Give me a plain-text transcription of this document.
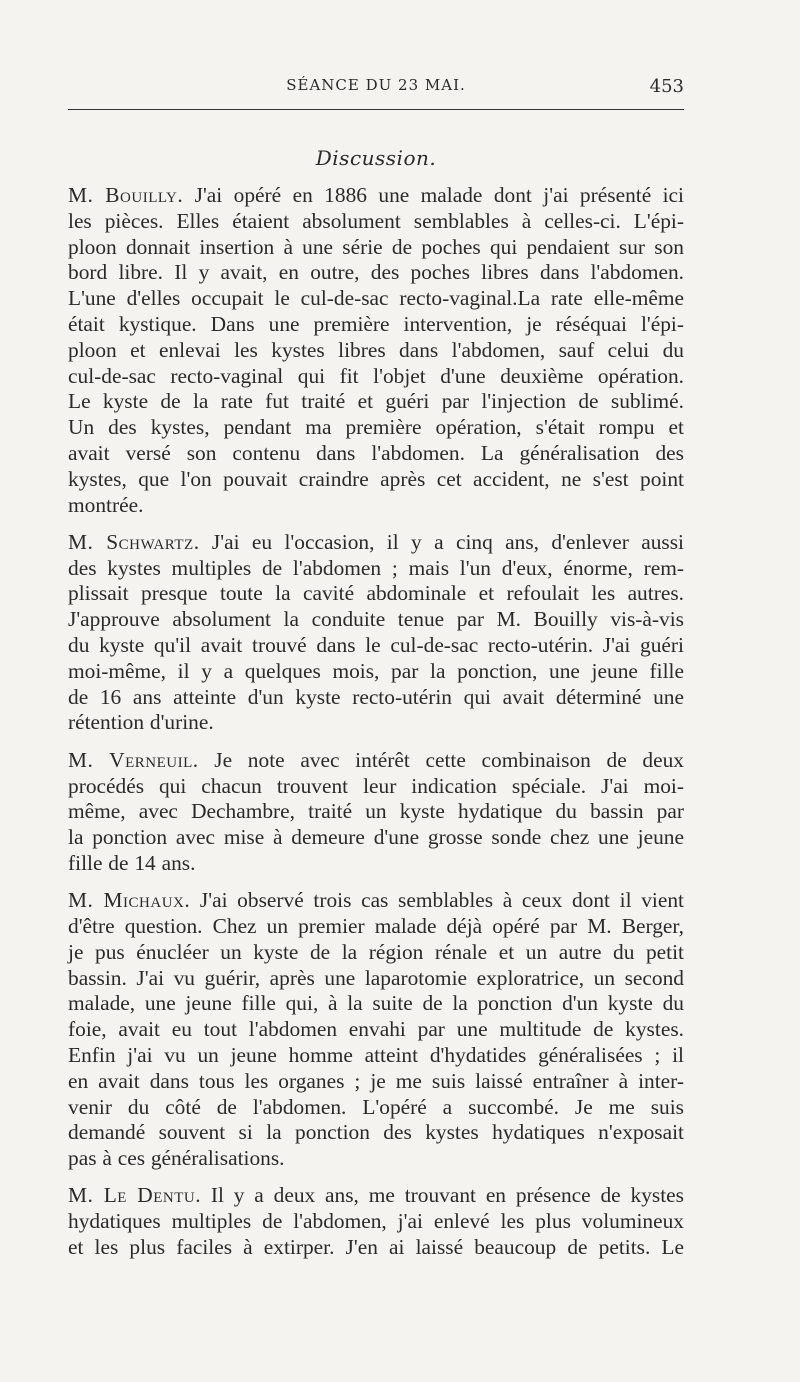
SÉANCE DU 23 MAI.	453
Discussion.

M. Bouilly. J'ai opéré en 1886 une malade dont j'ai présenté ici
les pièces. Elles étaient absolument semblables à celles-ci. L'épi-
ploon donnait insertion à une série de poches qui pendaient sur son
bord libre. Il y avait, en outre, des poches libres dans l'abdomen.
L'une d'elles occupait le cul-de-sac recto-vaginal.La rate elle-même
était kystique. Dans une première intervention, je réséquai l'épi-
ploon et enlevai les kystes libres dans l'abdomen, sauf celui du
cul-de-sac recto-vaginal qui fit l'objet d'une deuxième opération.
Le kyste de la rate fut traité et guéri par l'injection de sublimé.
Un des kystes, pendant ma première opération, s'était rompu et
avait versé son contenu dans l'abdomen. La généralisation des
kystes, que l'on pouvait craindre après cet accident, ne s'est point
montrée.

M. Schwartz. J'ai eu l'occasion, il y a cinq ans, d'enlever aussi
des kystes multiples de l'abdomen ; mais l'un d'eux, énorme, rem-
plissait presque toute la cavité abdominale et refoulait les autres.
J'approuve absolument la conduite tenue par M. Bouilly vis-à-vis
du kyste qu'il avait trouvé dans le cul-de-sac recto-utérin. J'ai guéri
moi-même, il y a quelques mois, par la ponction, une jeune fille
de 16 ans atteinte d'un kyste recto-utérin qui avait déterminé une
rétention d'urine.

M. Verneuil. Je note avec intérêt cette combinaison de deux
procédés qui chacun trouvent leur indication spéciale. J'ai moi-
même, avec Dechambre, traité un kyste hydatique du bassin par
la ponction avec mise à demeure d'une grosse sonde chez une jeune
fille de 14 ans.

M. Michaux. J'ai observé trois cas semblables à ceux dont il vient
d'être question. Chez un premier malade déjà opéré par M. Berger,
je pus énucléer un kyste de la région rénale et un autre du petit
bassin. J'ai vu guérir, après une laparotomie exploratrice, un second
malade, une jeune fille qui, à la suite de la ponction d'un kyste du
foie, avait eu tout l'abdomen envahi par une multitude de kystes.
Enfin j'ai vu un jeune homme atteint d'hydatides généralisées ; il
en avait dans tous les organes ; je me suis laissé entraîner à inter-
venir du côté de l'abdomen. L'opéré a succombé. Je me suis
demandé souvent si la ponction des kystes hydatiques n'exposait
pas à ces généralisations.

M. Le Dentu. Il y a deux ans, me trouvant en présence de kystes
hydatiques multiples de l'abdomen, j'ai enlevé les plus volumineux
et les plus faciles à extirper. J'en ai laissé beaucoup de petits. Le
